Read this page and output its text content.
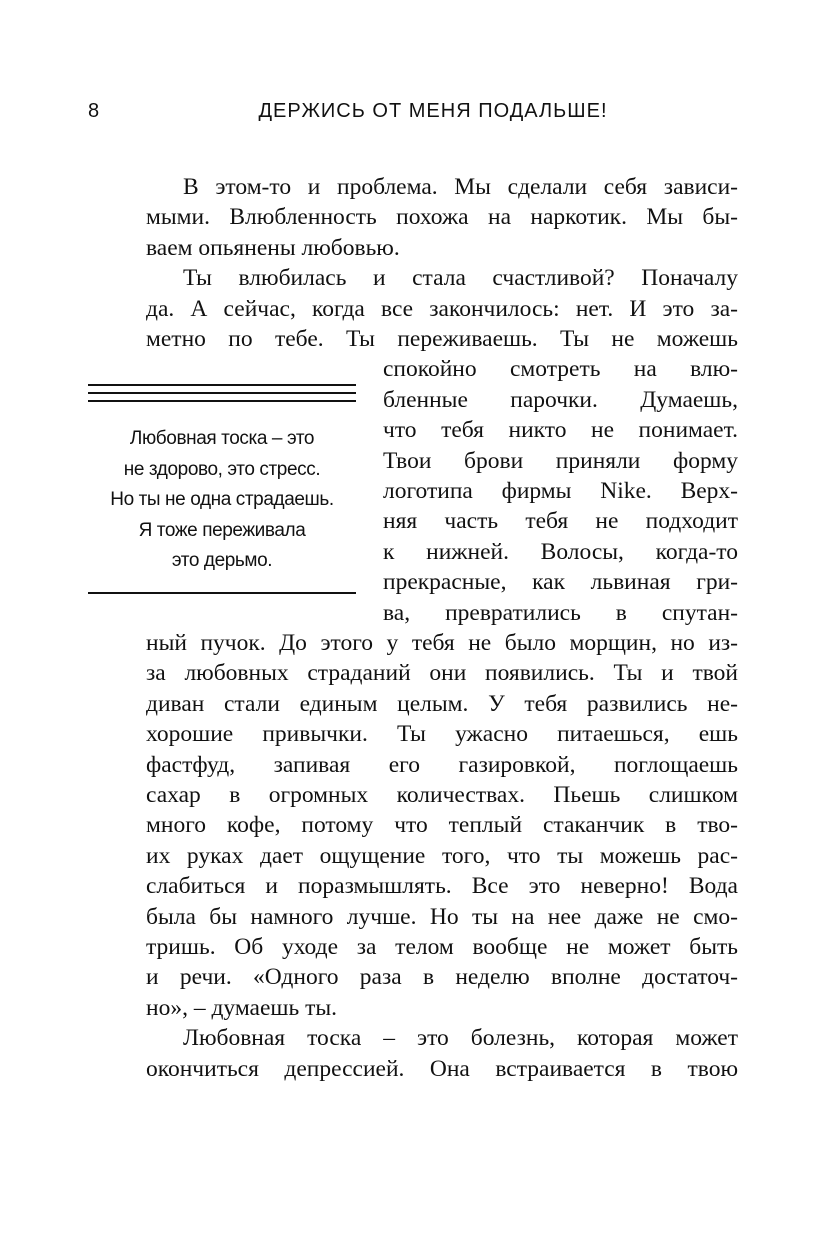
8	ДЕРЖИСЬ ОТ МЕНЯ ПОДАЛЬШЕ!
Любовная тоска – это
не здорово, это стресс.
Но ты не одна страдаешь.
Я тоже переживала
это дерьмо.
В этом-то и проблема. Мы сделали себя зависи-
мыми. Влюбленность похожа на наркотик. Мы бы-
ваем опьянены любовью.
Ты влюбилась и стала счастливой? Поначалу
да. А сейчас, когда все закончилось: нет. И это за-
метно по тебе. Ты переживаешь. Ты не можешь
спокойно смотреть на влю-
бленные парочки. Думаешь,
что тебя никто не понимает.
Твои брови приняли форму
логотипа фирмы Nike. Верх-
няя часть тебя не подходит
к нижней. Волосы, когда-то
прекрасные, как львиная гри-
ва, превратились в спутан-
ный пучок. До этого у тебя не было морщин, но из-
за любовных страданий они появились. Ты и твой
диван стали единым целым. У тебя развились не-
хорошие привычки. Ты ужасно питаешься, ешь
фастфуд, запивая его газировкой, поглощаешь
сахар в огромных количествах. Пьешь слишком
много кофе, потому что теплый стаканчик в тво-
их руках дает ощущение того, что ты можешь рас-
слабиться и поразмышлять. Все это неверно! Вода
была бы намного лучше. Но ты на нее даже не смо-
тришь. Об уходе за телом вообще не может быть
и речи. «Одного раза в неделю вполне достаточ-
но», – думаешь ты.
Любовная тоска – это болезнь, которая может
окончиться депрессией. Она встраивается в твою
